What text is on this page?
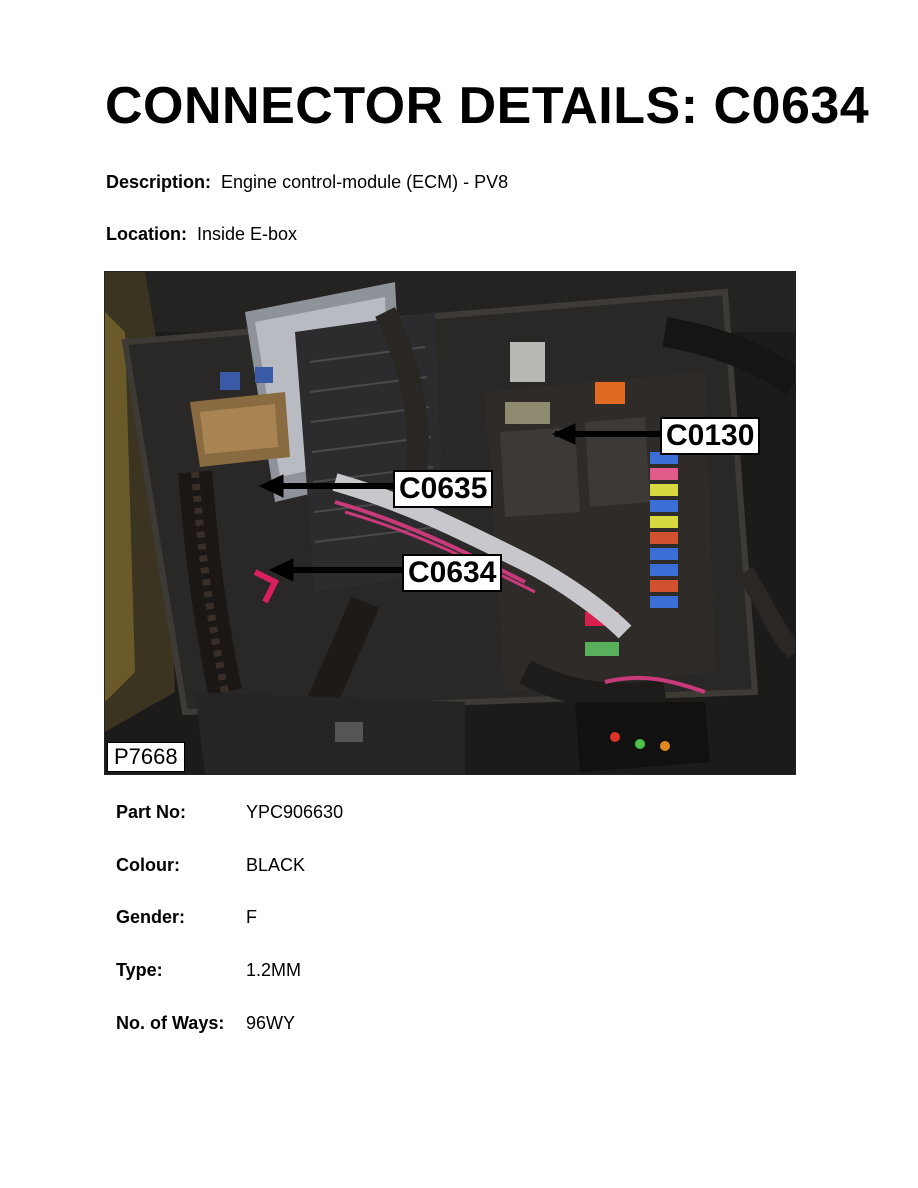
CONNECTOR DETAILS: C0634
Description: Engine control-module (ECM) - PV8
Location: Inside E-box
C0130
C0635
C0634
P7668
Part No:	YPC906630
Colour:	BLACK
Gender:	F
Type:	1.2MM
No. of Ways: 96WY
